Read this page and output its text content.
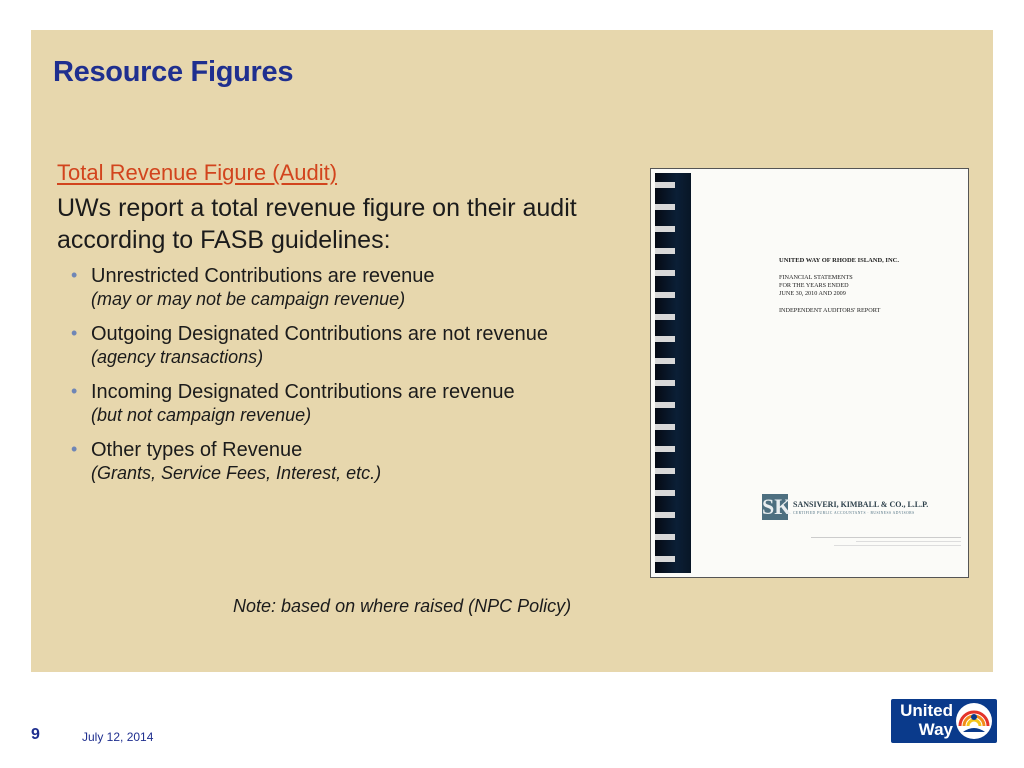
Resource Figures
Total Revenue Figure (Audit)
UWs report a total revenue figure on their audit according to FASB guidelines:
• Unrestricted Contributions are revenue
(may or may not be campaign revenue)
• Outgoing Designated Contributions are not revenue
(agency transactions)
• Incoming Designated Contributions are revenue
(but not campaign revenue)
• Other types of Revenue
(Grants, Service Fees, Interest, etc.)
Note: based on where raised (NPC Policy)
UNITED WAY OF RHODE ISLAND, INC.
FINANCIAL STATEMENTS
FOR THE YEARS ENDED
JUNE 30, 2010 AND 2009
INDEPENDENT AUDITORS' REPORT
SK SANSIVERI, KIMBALL & CO., L.L.P.
CERTIFIED PUBLIC ACCOUNTANTS · BUSINESS ADVISORS
9	July 12, 2014
United
Way
